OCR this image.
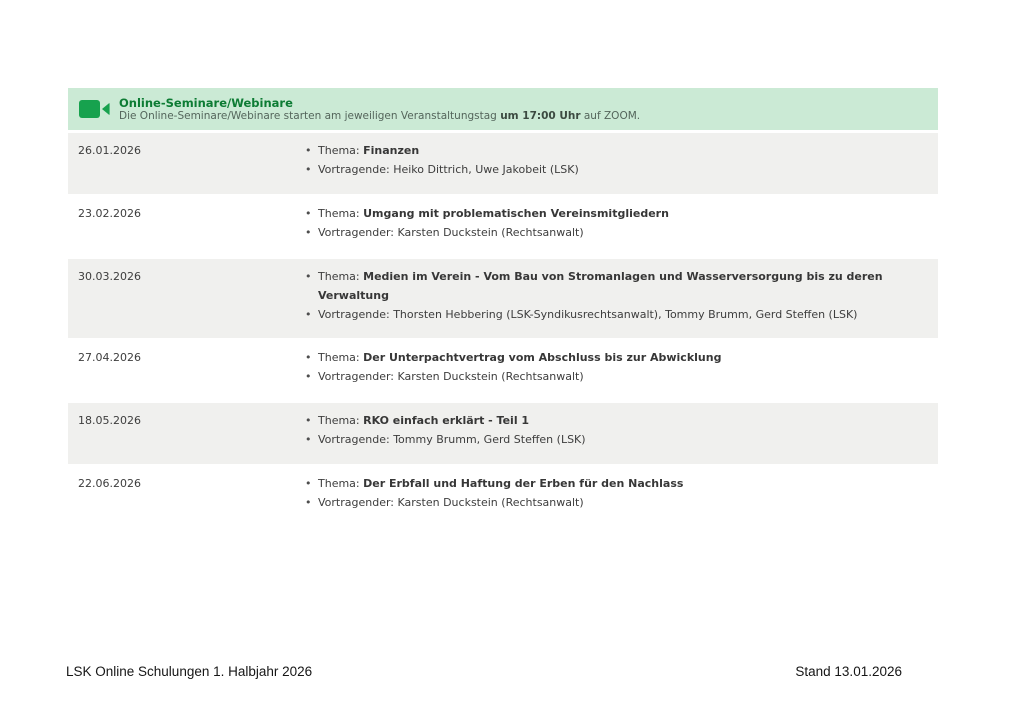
Online-Seminare/Webinare
Die Online-Seminare/Webinare starten am jeweiligen Veranstaltungstag um 17:00 Uhr auf ZOOM.
26.01.2026	• Thema: Finanzen
• Vortragende: Heiko Dittrich, Uwe Jakobeit (LSK)
23.02.2026	• Thema: Umgang mit problematischen Vereinsmitgliedern
• Vortragender: Karsten Duckstein (Rechtsanwalt)
30.03.2026	• Thema: Medien im Verein - Vom Bau von Stromanlagen und Wasserversorgung bis zu deren Verwaltung
• Vortragende: Thorsten Hebbering (LSK-Syndikusrechtsanwalt), Tommy Brumm, Gerd Steffen (LSK)
27.04.2026	• Thema: Der Unterpachtvertrag vom Abschluss bis zur Abwicklung
• Vortragender: Karsten Duckstein (Rechtsanwalt)
18.05.2026	• Thema: RKO einfach erklärt - Teil 1
• Vortragende: Tommy Brumm, Gerd Steffen (LSK)
22.06.2026	• Thema: Der Erbfall und Haftung der Erben für den Nachlass
• Vortragender: Karsten Duckstein (Rechtsanwalt)
LSK Online Schulungen 1. Halbjahr 2026	Stand 13.01.2026
